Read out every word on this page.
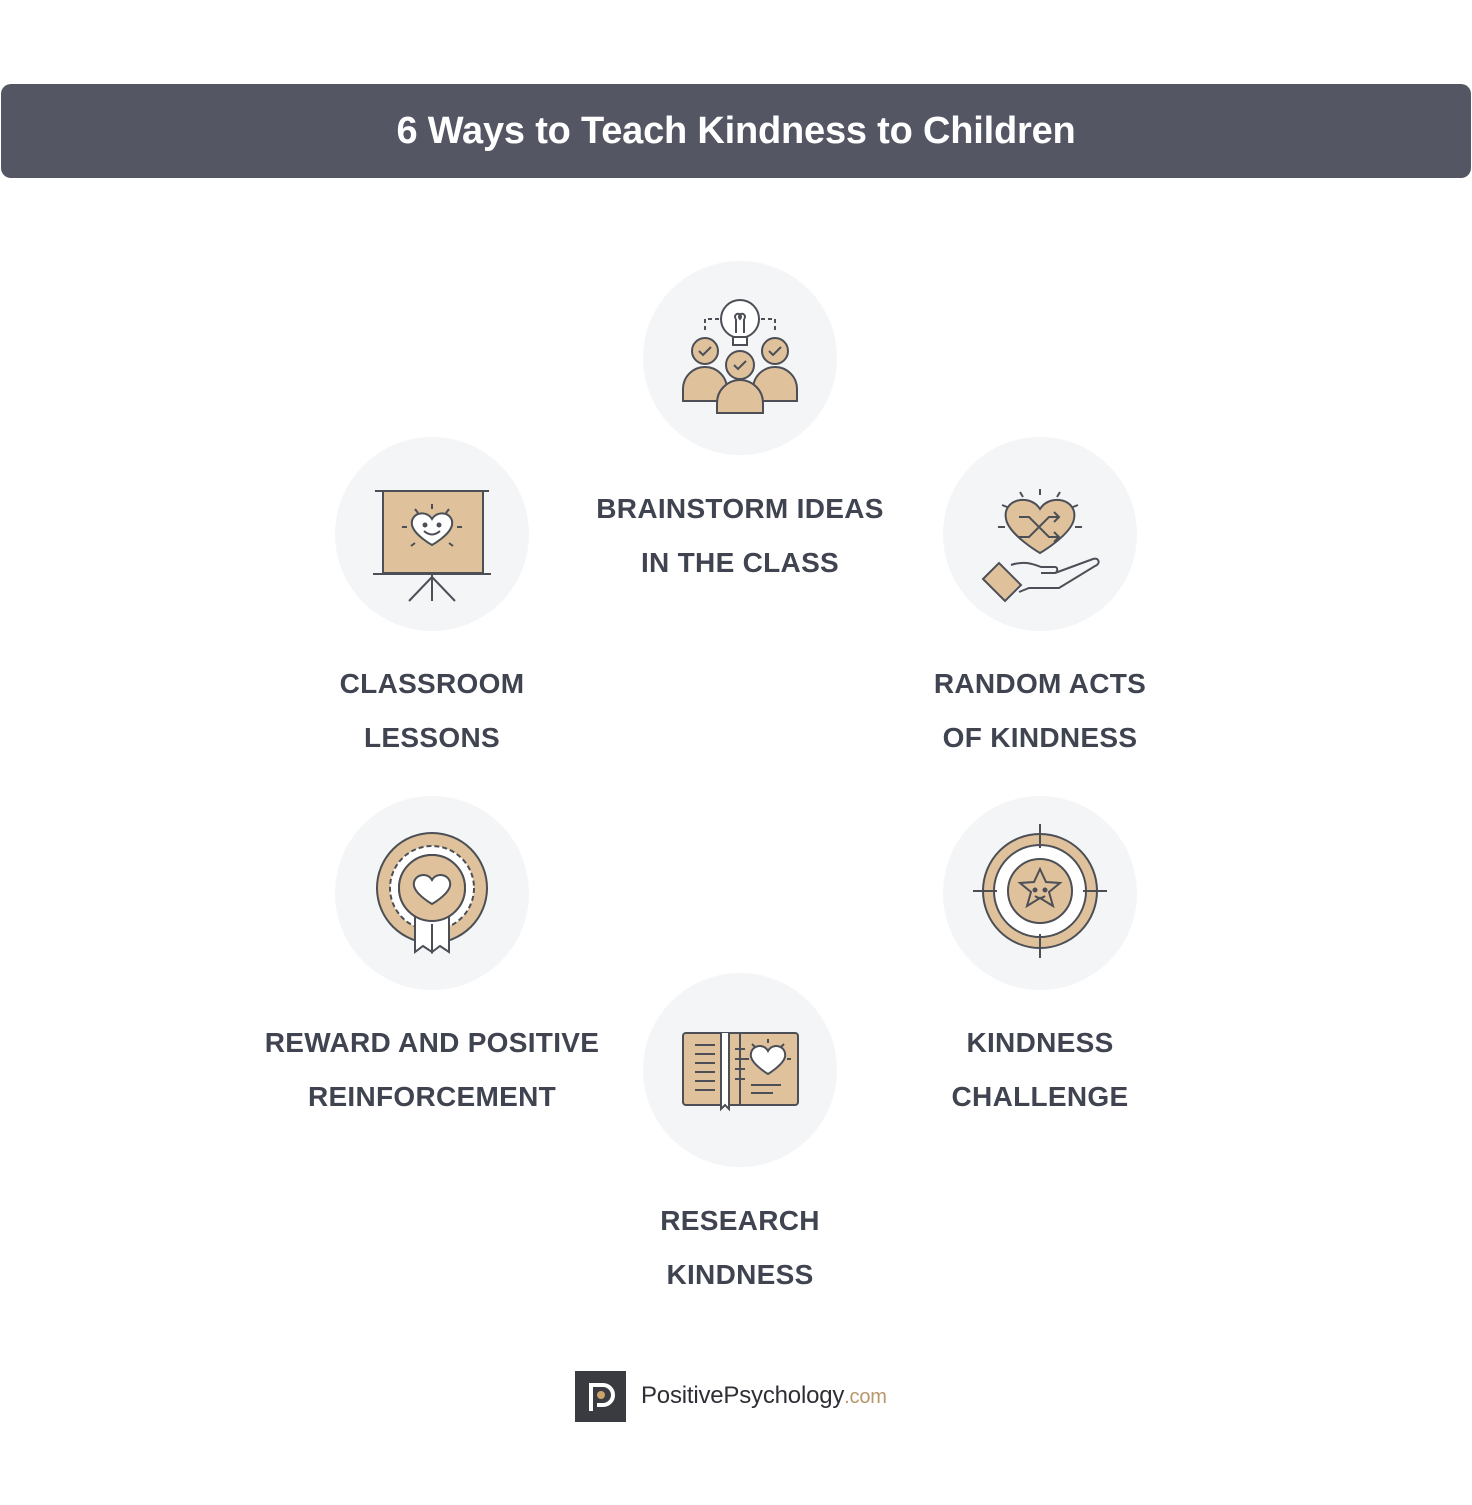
6 Ways to Teach Kindness to Children
BRAINSTORM IDEAS
IN THE CLASS
CLASSROOM
LESSONS
RANDOM ACTS
OF KINDNESS
REWARD AND POSITIVE
REINFORCEMENT
KINDNESS
CHALLENGE
RESEARCH
KINDNESS
PositivePsychology.com
